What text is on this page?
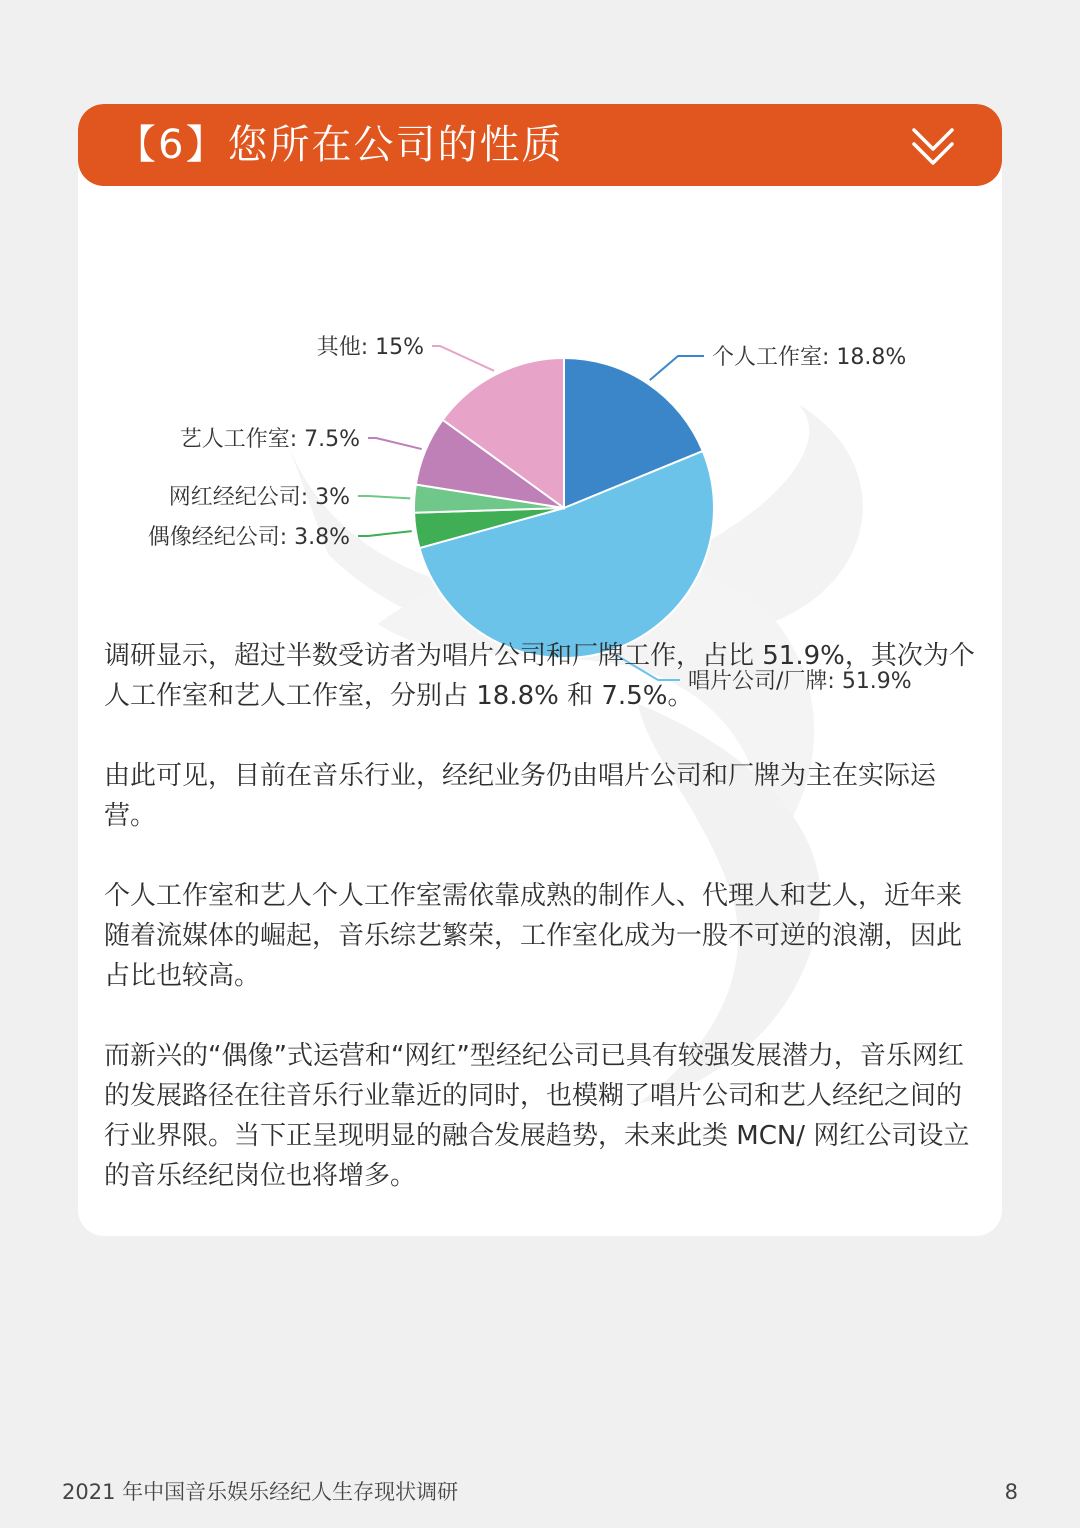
【6】您所在公司的性质
个人工作室: 18.8%
唱片公司/厂牌: 51.9%
偶像经纪公司: 3.8%
网红经纪公司: 3%
艺人工作室: 7.5%
其他: 15%

调研显示，超过半数受访者为唱片公司和厂牌工作，占比 51.9%，其次为个人工作室和艺人工作室，分别占 18.8% 和 7.5%。

由此可见，目前在音乐行业，经纪业务仍由唱片公司和厂牌为主在实际运营。

个人工作室和艺人个人工作室需依靠成熟的制作人、代理人和艺人，近年来随着流媒体的崛起，音乐综艺繁荣，工作室化成为一股不可逆的浪潮，因此占比也较高。

而新兴的“偶像”式运营和“网红”型经纪公司已具有较强发展潜力，音乐网红的发展路径在往音乐行业靠近的同时，也模糊了唱片公司和艺人经纪之间的行业界限。当下正呈现明显的融合发展趋势，未来此类 MCN/ 网红公司设立的音乐经纪岗位也将增多。

2021 年中国音乐娱乐经纪人生存现状调研	8
